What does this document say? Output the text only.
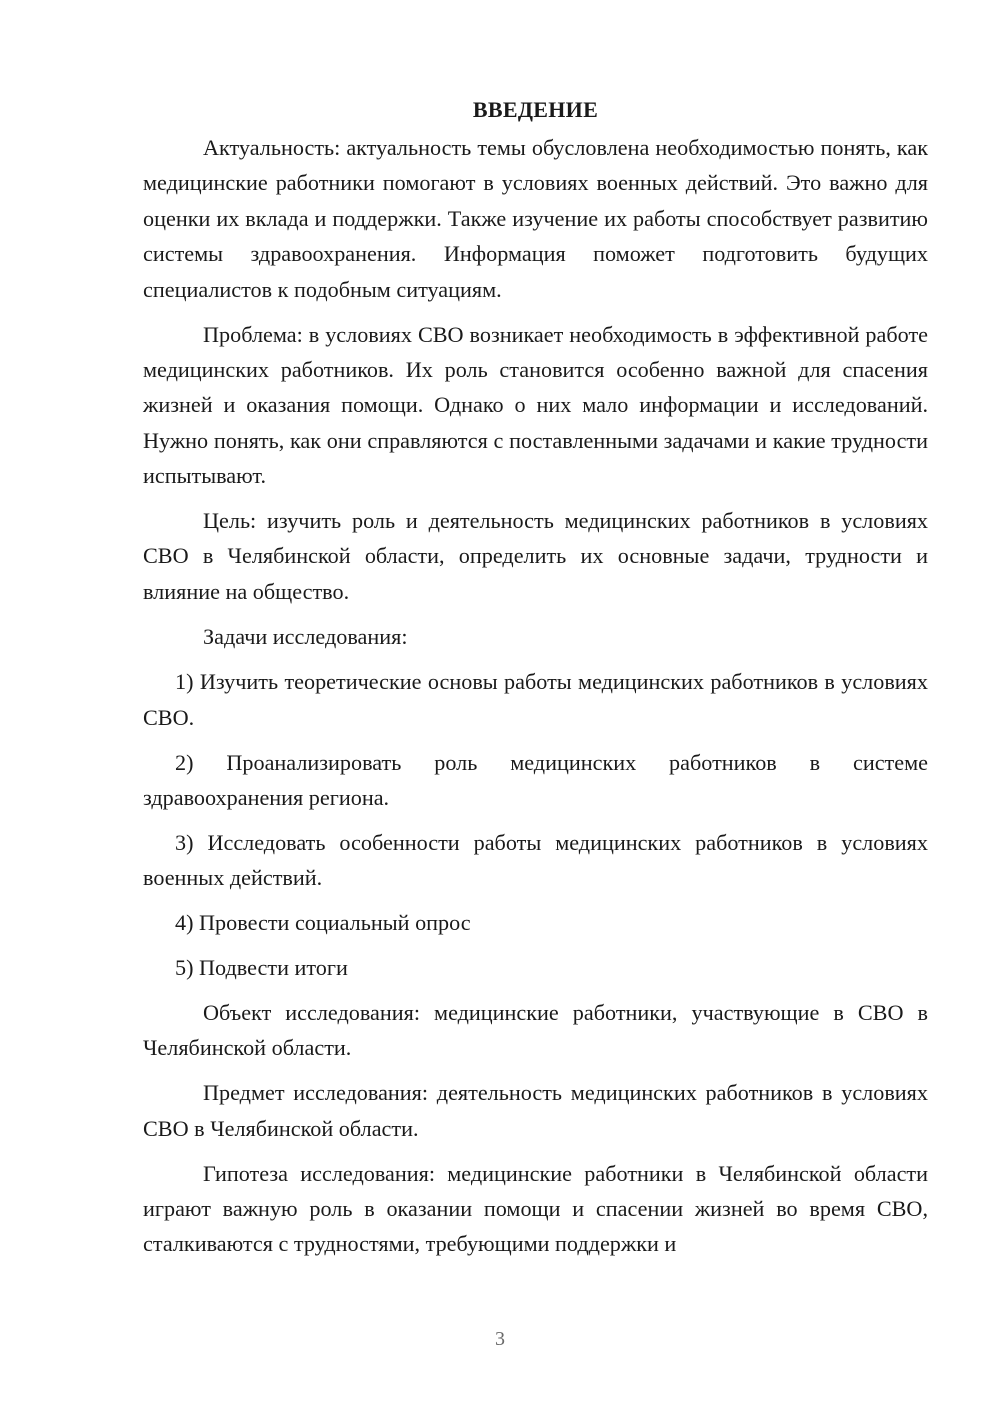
ВВЕДЕНИЕ

Актуальность: актуальность темы обусловлена необходимостью понять, как медицинские работники помогают в условиях военных действий. Это важно для оценки их вклада и поддержки. Также изучение их работы способствует развитию системы здравоохранения. Информация поможет подготовить будущих специалистов к подобным ситуациям.

Проблема: в условиях СВО возникает необходимость в эффективной работе медицинских работников. Их роль становится особенно важной для спасения жизней и оказания помощи. Однако о них мало информации и исследований. Нужно понять, как они справляются с поставленными задачами и какие трудности испытывают.

Цель: изучить роль и деятельность медицинских работников в условиях СВО в Челябинской области, определить их основные задачи, трудности и влияние на общество.

Задачи исследования:

1) Изучить теоретические основы работы медицинских работников в условиях СВО.

2) Проанализировать роль медицинских работников в системе здравоохранения региона.

3) Исследовать особенности работы медицинских работников в условиях военных действий.

4) Провести социальный опрос

5) Подвести итоги

Объект исследования: медицинские работники, участвующие в СВО в Челябинской области.

Предмет исследования: деятельность медицинских работников в условиях СВО в Челябинской области.

Гипотеза исследования: медицинские работники в Челябинской области играют важную роль в оказании помощи и спасении жизней во время СВО, сталкиваются с трудностями, требующими поддержки и

3
